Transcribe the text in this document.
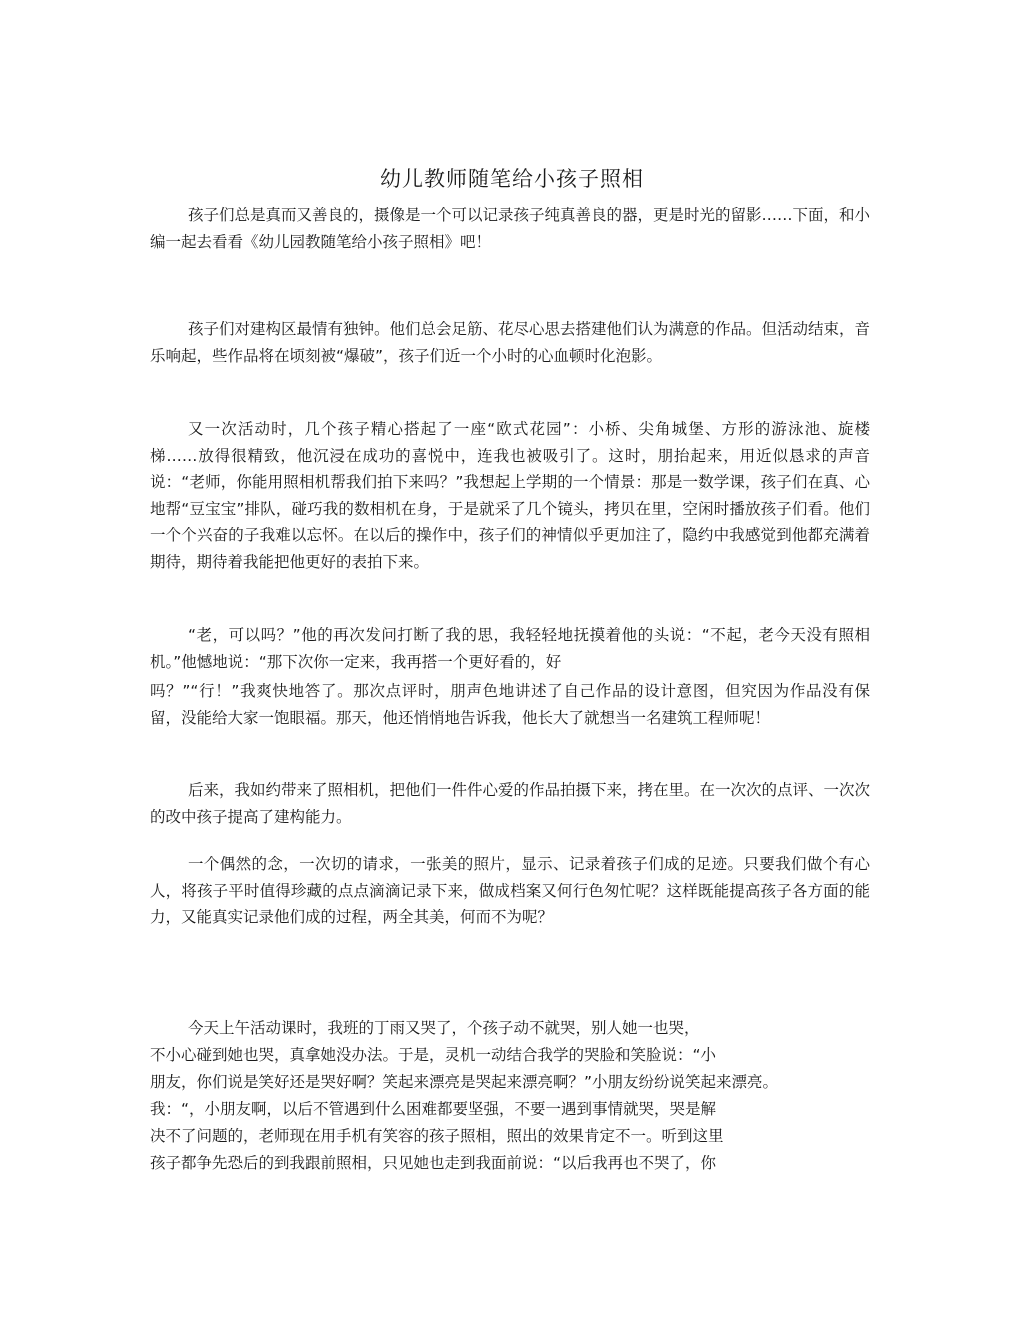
幼儿教师随笔给小孩子照相

孩子们总是真而又善良的，摄像是一个可以记录孩子纯真善良的器，更是时光的留影……下面，和小编一起去看看《幼儿园教随笔给小孩子照相》吧！

孩子们对建构区最情有独钟。他们总会足筋、花尽心思去搭建他们认为满意的作品。但活动结束，音乐响起，些作品将在顷刻被“爆破”，孩子们近一个小时的心血顿时化泡影。

又一次活动时，几个孩子精心搭起了一座“欧式花园”：小桥、尖角城堡、方形的游泳池、旋楼梯……放得很精致，他沉浸在成功的喜悦中，连我也被吸引了。这时，朋抬起来，用近似恳求的声音说：“老师，你能用照相机帮我们拍下来吗？”我想起上学期的一个情景：那是一数学课，孩子们在真、心地帮“豆宝宝”排队，碰巧我的数相机在身，于是就采了几个镜头，拷贝在里，空闲时播放孩子们看。他们一个个兴奋的子我难以忘怀。在以后的操作中，孩子们的神情似乎更加注了，隐约中我感觉到他都充满着期待，期待着我能把他更好的表拍下来。

“老，可以吗？”他的再次发问打断了我的思，我轻轻地抚摸着他的头说：“不起，老今天没有照相机。”他憾地说：“那下次你一定来，我再搭一个更好看的，好

吗？”“行！”我爽快地答了。那次点评时，朋声色地讲述了自己作品的设计意图，但究因为作品没有保留，没能给大家一饱眼福。那天，他还悄悄地告诉我，他长大了就想当一名建筑工程师呢！

后来，我如约带来了照相机，把他们一件件心爱的作品拍摄下来，拷在里。在一次次的点评、一次次的改中孩子提高了建构能力。

一个偶然的念，一次切的请求，一张美的照片，显示、记录着孩子们成的足迹。只要我们做个有心人，将孩子平时值得珍藏的点点滴滴记录下来，做成档案又何行色匆忙呢？这样既能提高孩子各方面的能力，又能真实记录他们成的过程，两全其美，何而不为呢？

今天上午活动课时，我班的丁雨又哭了，个孩子动不就哭，别人她一也哭，
不小心碰到她也哭，真拿她没办法。于是，灵机一动结合我学的哭脸和笑脸说：“小
朋友，你们说是笑好还是哭好啊？笑起来漂亮是哭起来漂亮啊？”小朋友纷纷说笑起来漂亮。
我：“，小朋友啊，以后不管遇到什么困难都要坚强，不要一遇到事情就哭，哭是解
决不了问题的，老师现在用手机有笑容的孩子照相，照出的效果肯定不一。听到这里
孩子都争先恐后的到我跟前照相，只见她也走到我面前说：“以后我再也不哭了，你
